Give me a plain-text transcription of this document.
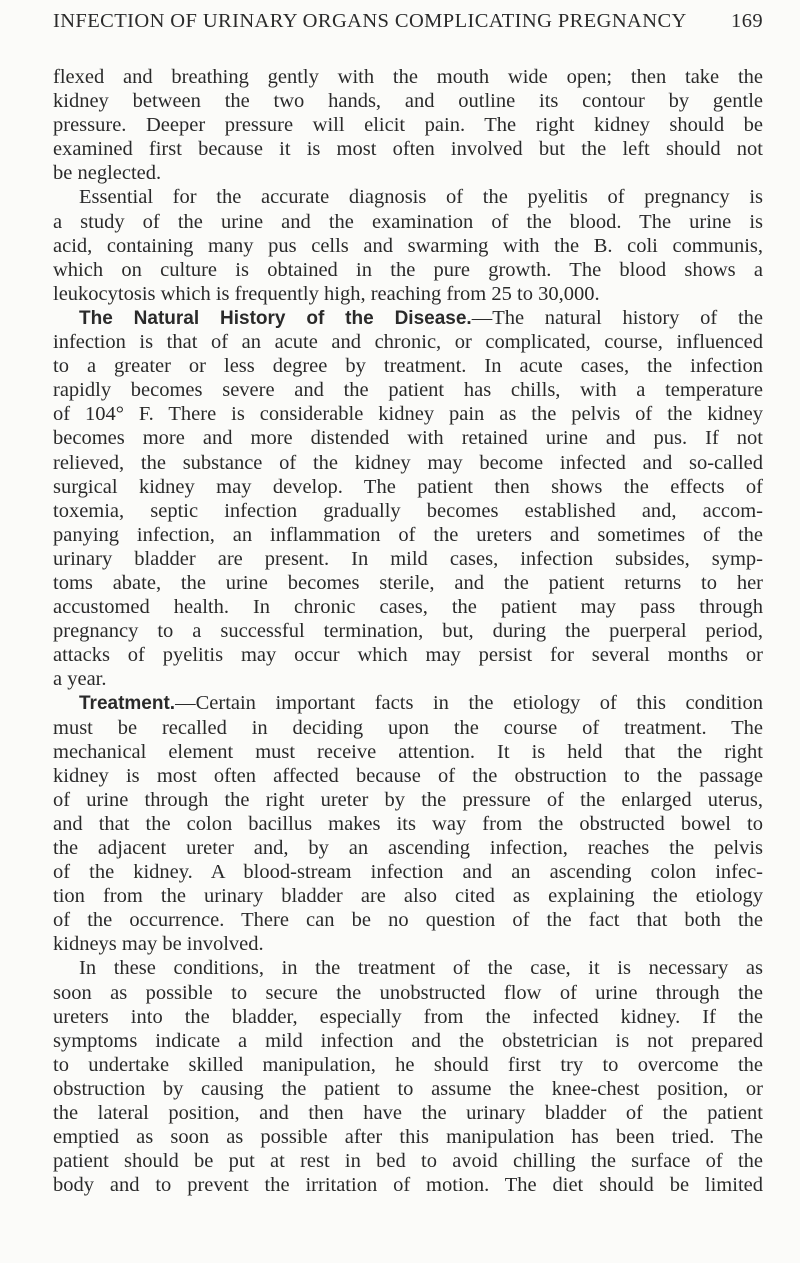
INFECTION OF URINARY ORGANS COMPLICATING PREGNANCY 169
flexed and breathing gently with the mouth wide open; then take the
kidney between the two hands, and outline its contour by gentle
pressure. Deeper pressure will elicit pain. The right kidney should be
examined first because it is most often involved but the left should not
be neglected.
Essential for the accurate diagnosis of the pyelitis of pregnancy is
a study of the urine and the examination of the blood. The urine is
acid, containing many pus cells and swarming with the B. coli communis,
which on culture is obtained in the pure growth. The blood shows a
leukocytosis which is frequently high, reaching from 25 to 30,000.
The Natural History of the Disease.—The natural history of the
infection is that of an acute and chronic, or complicated, course, influenced
to a greater or less degree by treatment. In acute cases, the infection
rapidly becomes severe and the patient has chills, with a temperature
of 104° F. There is considerable kidney pain as the pelvis of the kidney
becomes more and more distended with retained urine and pus. If not
relieved, the substance of the kidney may become infected and so-called
surgical kidney may develop. The patient then shows the effects of
toxemia, septic infection gradually becomes established and, accom-
panying infection, an inflammation of the ureters and sometimes of the
urinary bladder are present. In mild cases, infection subsides, symp-
toms abate, the urine becomes sterile, and the patient returns to her
accustomed health. In chronic cases, the patient may pass through
pregnancy to a successful termination, but, during the puerperal period,
attacks of pyelitis may occur which may persist for several months or
a year.
Treatment.—Certain important facts in the etiology of this condition
must be recalled in deciding upon the course of treatment. The
mechanical element must receive attention. It is held that the right
kidney is most often affected because of the obstruction to the passage
of urine through the right ureter by the pressure of the enlarged uterus,
and that the colon bacillus makes its way from the obstructed bowel to
the adjacent ureter and, by an ascending infection, reaches the pelvis
of the kidney. A blood-stream infection and an ascending colon infec-
tion from the urinary bladder are also cited as explaining the etiology
of the occurrence. There can be no question of the fact that both the
kidneys may be involved.
In these conditions, in the treatment of the case, it is necessary as
soon as possible to secure the unobstructed flow of urine through the
ureters into the bladder, especially from the infected kidney. If the
symptoms indicate a mild infection and the obstetrician is not prepared
to undertake skilled manipulation, he should first try to overcome the
obstruction by causing the patient to assume the knee-chest position, or
the lateral position, and then have the urinary bladder of the patient
emptied as soon as possible after this manipulation has been tried. The
patient should be put at rest in bed to avoid chilling the surface of the
body and to prevent the irritation of motion. The diet should be limited
